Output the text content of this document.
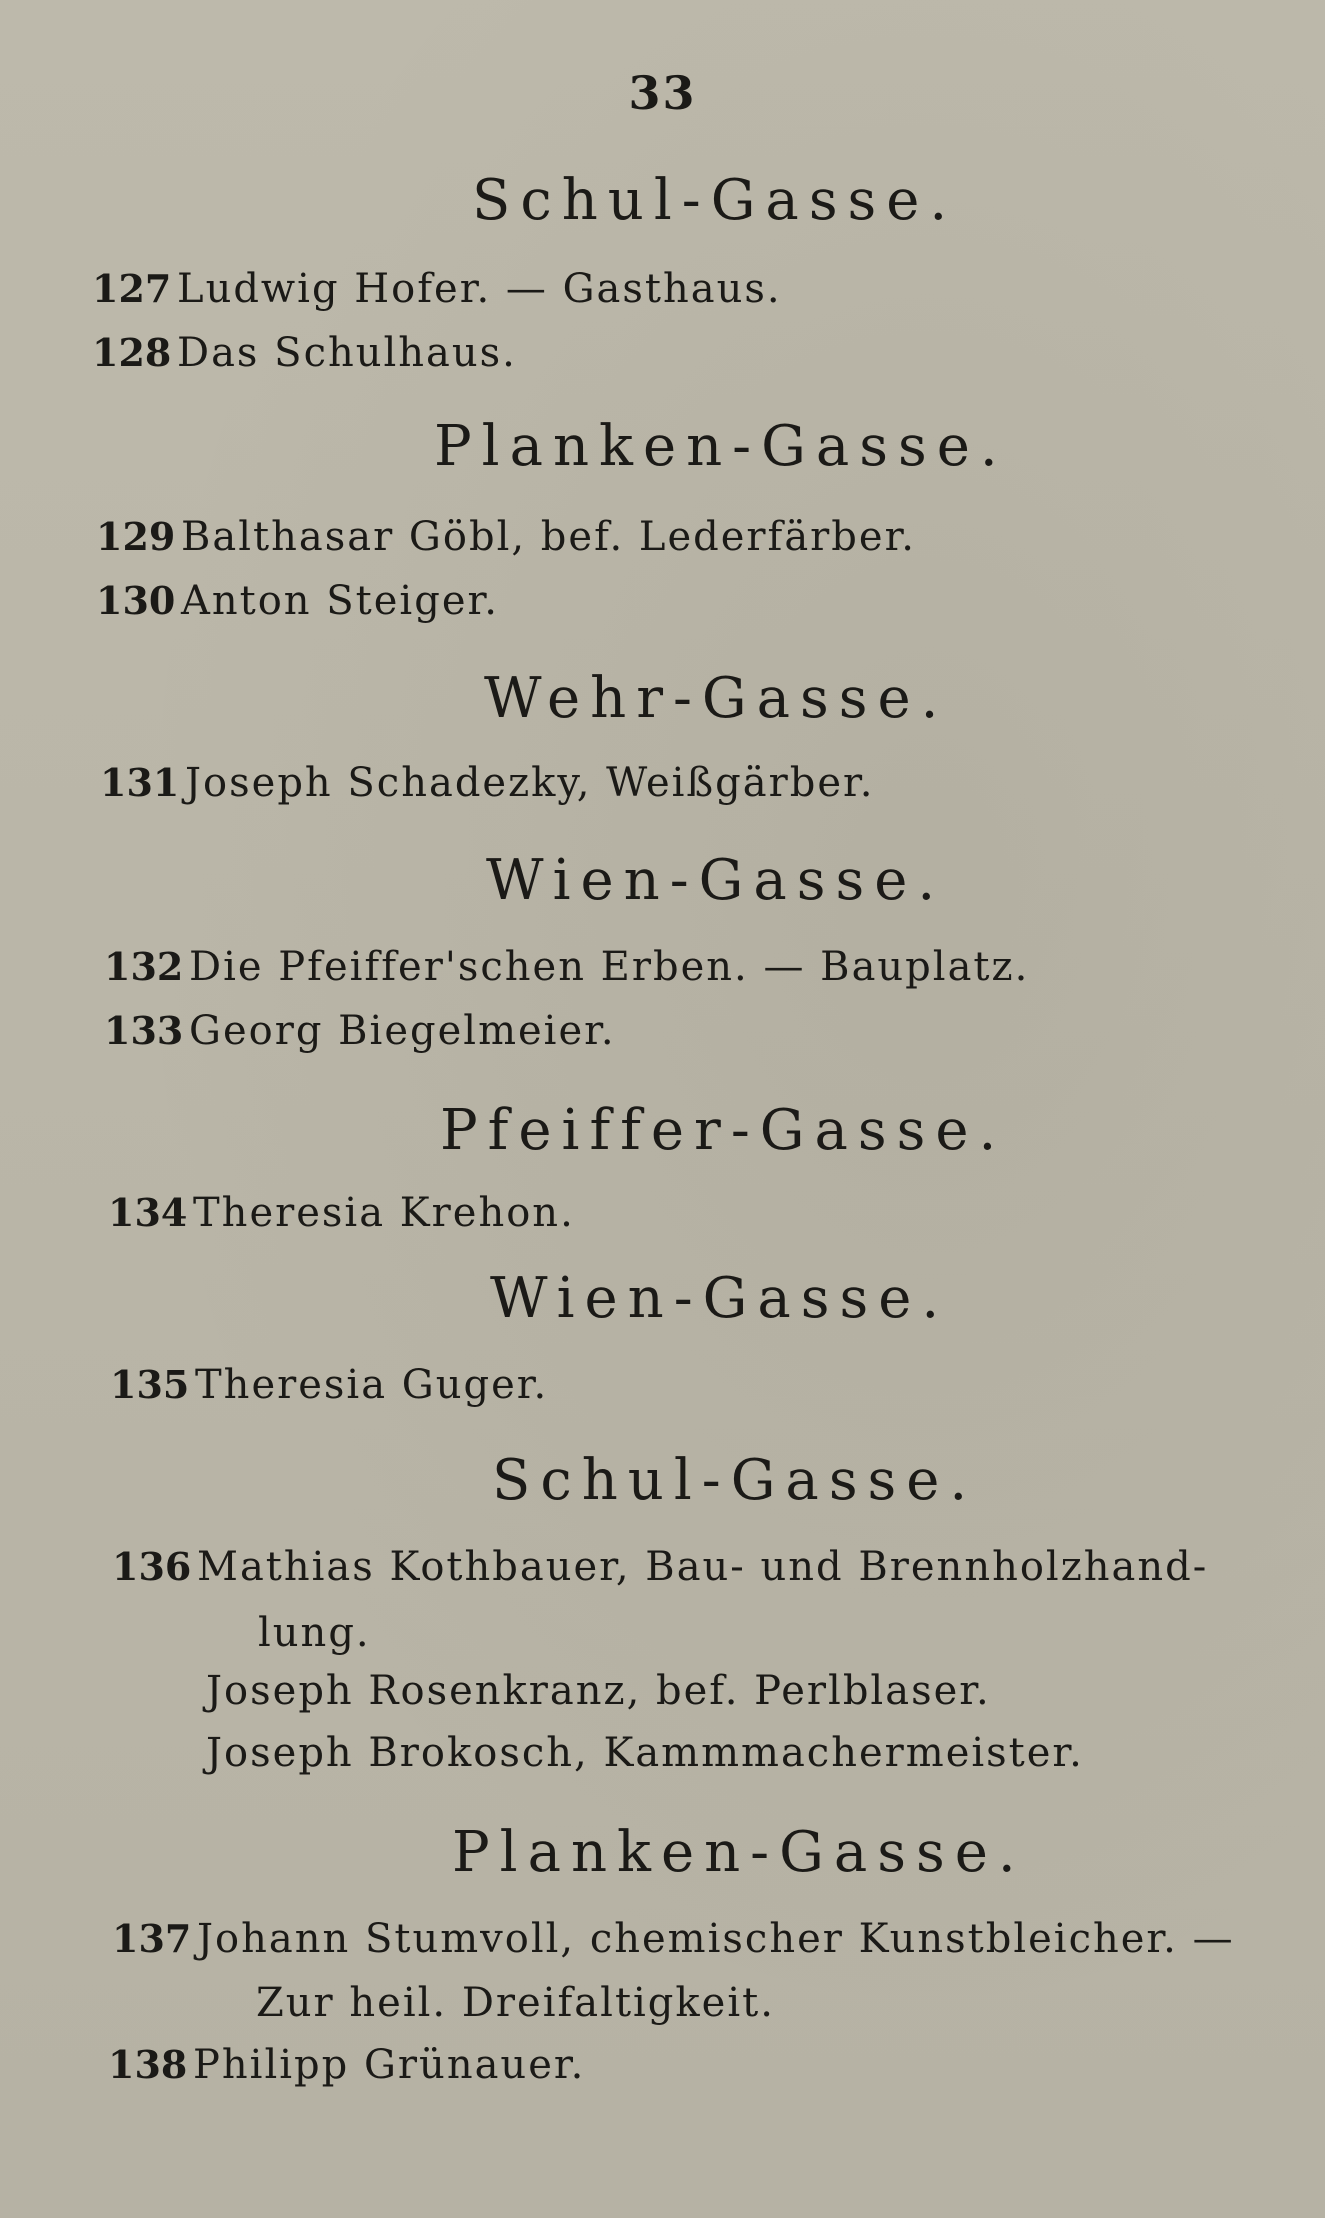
33
Schul-Gasse.
127 Ludwig Hofer. — Gasthaus.
128 Das Schulhaus.
Planken-Gasse.
129 Balthasar Göbl, bef. Lederfärber.
130 Anton Steiger.
Wehr-Gasse.
131 Joseph Schadezky, Weißgärber.
Wien-Gasse.
132 Die Pfeiffer'schen Erben. — Bauplatz.
133 Georg Biegelmeier.
Pfeiffer-Gasse.
134 Theresia Krehon.
Wien-Gasse.
135 Theresia Guger.
Schul-Gasse.
136 Mathias Kothbauer, Bau- und Brennholzhand-
lung.
Joseph Rosenkranz, bef. Perlblaser.
Joseph Brokosch, Kammmachermeister.
Planken-Gasse.
137 Johann Stumvoll, chemischer Kunstbleicher. —
Zur heil. Dreifaltigkeit.
138 Philipp Grünauer.
